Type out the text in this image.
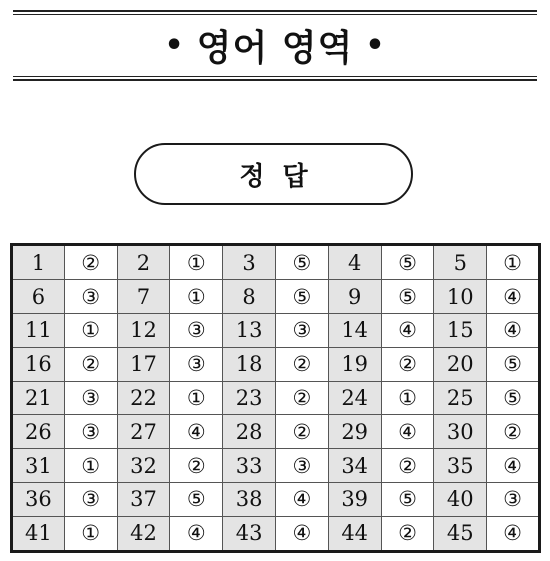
• 영어 영역 •
정답
1	②	2	①	3	⑤	4	⑤	5	①
6	③	7	①	8	⑤	9	⑤	10	④
11	①	12	③	13	③	14	④	15	④
16	②	17	③	18	②	19	②	20	⑤
21	③	22	①	23	②	24	①	25	⑤
26	③	27	④	28	②	29	④	30	②
31	①	32	②	33	③	34	②	35	④
36	③	37	⑤	38	④	39	⑤	40	③
41	①	42	④	43	④	44	②	45	④
